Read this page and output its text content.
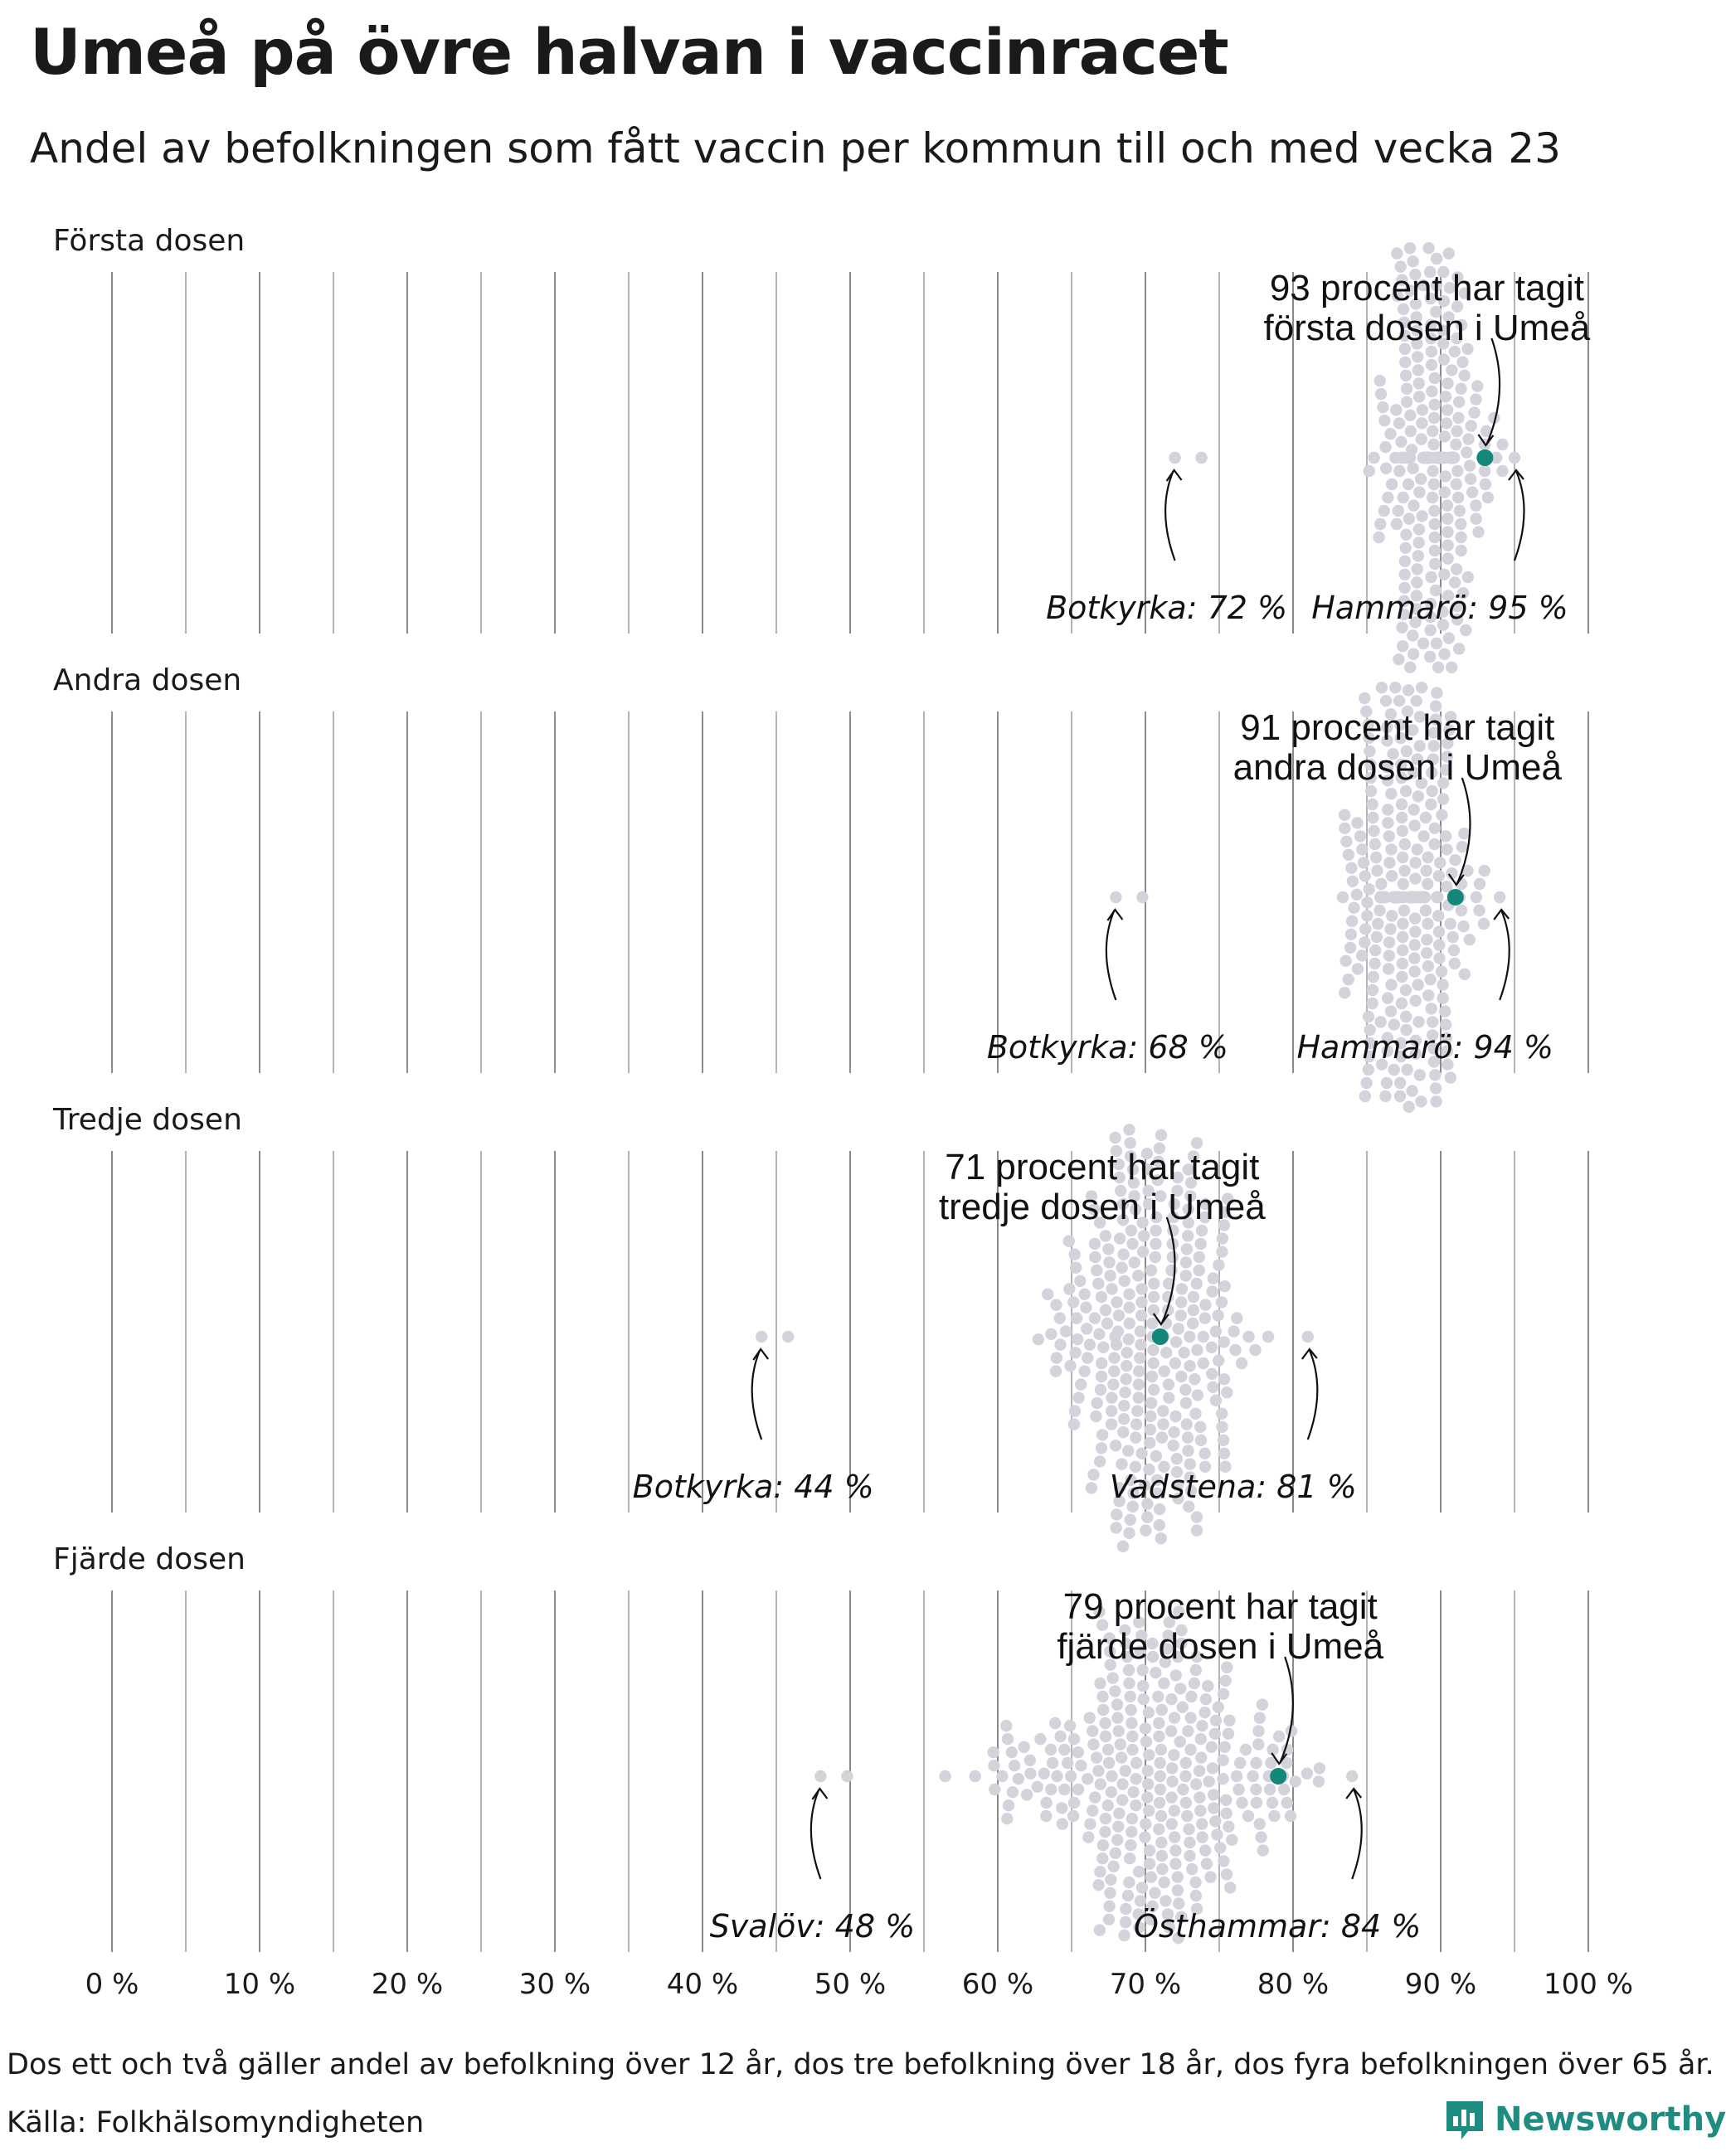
Umeå på övre halvan i vaccinracet
Andel av befolkningen som fått vaccin per kommun till och med vecka 23
Första dosen
93 procent har tagit första dosen i Umeå
Botkyrka: 72 % Hammarö: 95 %
Andra dosen
91 procent har tagit andra dosen i Umeå
Botkyrka: 68 % Hammarö: 94 %
Tredje dosen
71 procent har tagit tredje dosen i Umeå
Botkyrka: 44 %	Vadstena: 81 %
Fjärde dosen
79 procent har tagit fjärde dosen i Umeå
Svalöv: 48 %	Östhammar: 84 %
0 %	10 %	20 %	30 %	40 %	50 %	60 %	70 %	80 %	90 % 100 %
Dos ett och två gäller andel av befolkning över 12 år, dos tre befolkning över 18 år, dos fyra befolkningen över 65 år.
Källa: Folkhälsomyndigheten	Newsworthy
